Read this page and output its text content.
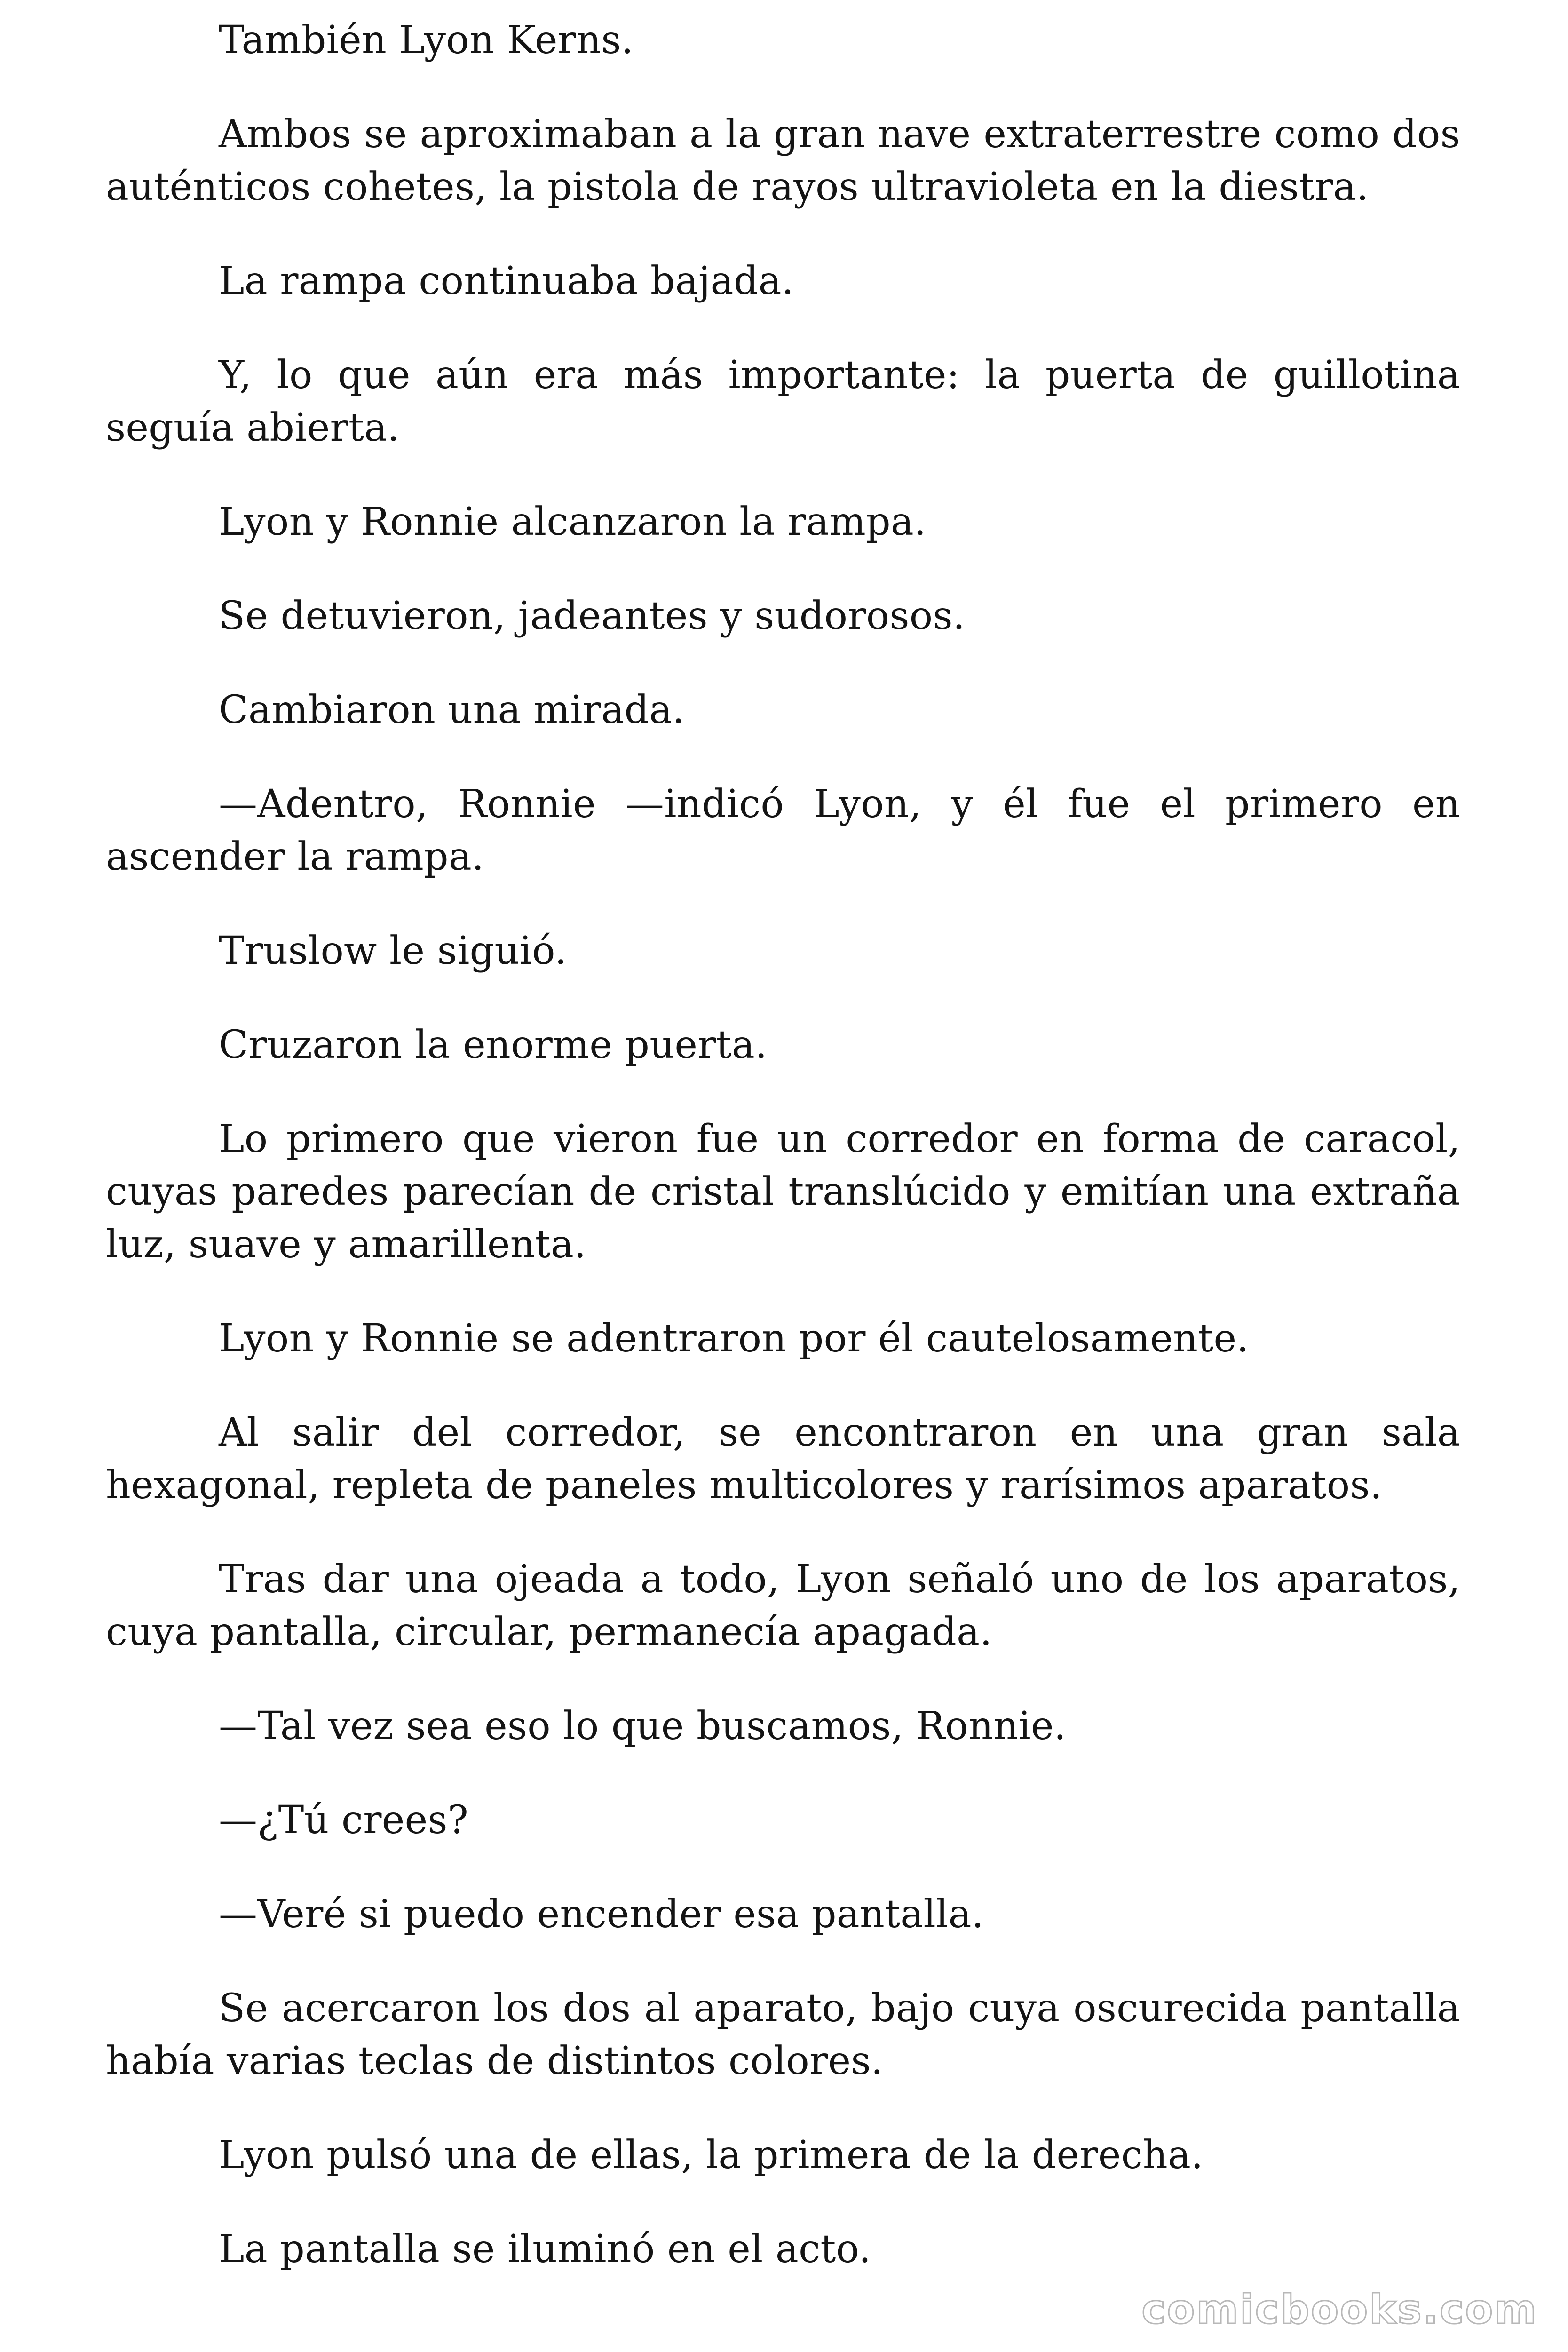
También Lyon Kerns.

Ambos se aproximaban a la gran nave extraterrestre como dos auténticos cohetes, la pistola de rayos ultravioleta en la diestra.

La rampa continuaba bajada.

Y, lo que aún era más importante: la puerta de guillotina seguía abierta.

Lyon y Ronnie alcanzaron la rampa.

Se detuvieron, jadeantes y sudorosos.

Cambiaron una mirada.

—Adentro, Ronnie —indicó Lyon, y él fue el primero en ascender la rampa.

Truslow le siguió.

Cruzaron la enorme puerta.

Lo primero que vieron fue un corredor en forma de caracol, cuyas paredes parecían de cristal translúcido y emitían una extraña luz, suave y amarillenta.

Lyon y Ronnie se adentraron por él cautelosamente.

Al salir del corredor, se encontraron en una gran sala hexagonal, repleta de paneles multicolores y rarísimos aparatos.

Tras dar una ojeada a todo, Lyon señaló uno de los aparatos, cuya pantalla, circular, permanecía apagada.

—Tal vez sea eso lo que buscamos, Ronnie.

—¿Tú crees?

—Veré si puedo encender esa pantalla.

Se acercaron los dos al aparato, bajo cuya oscurecida pantalla había varias teclas de distintos colores.

Lyon pulsó una de ellas, la primera de la derecha.

La pantalla se iluminó en el acto.

comicbooks.com
